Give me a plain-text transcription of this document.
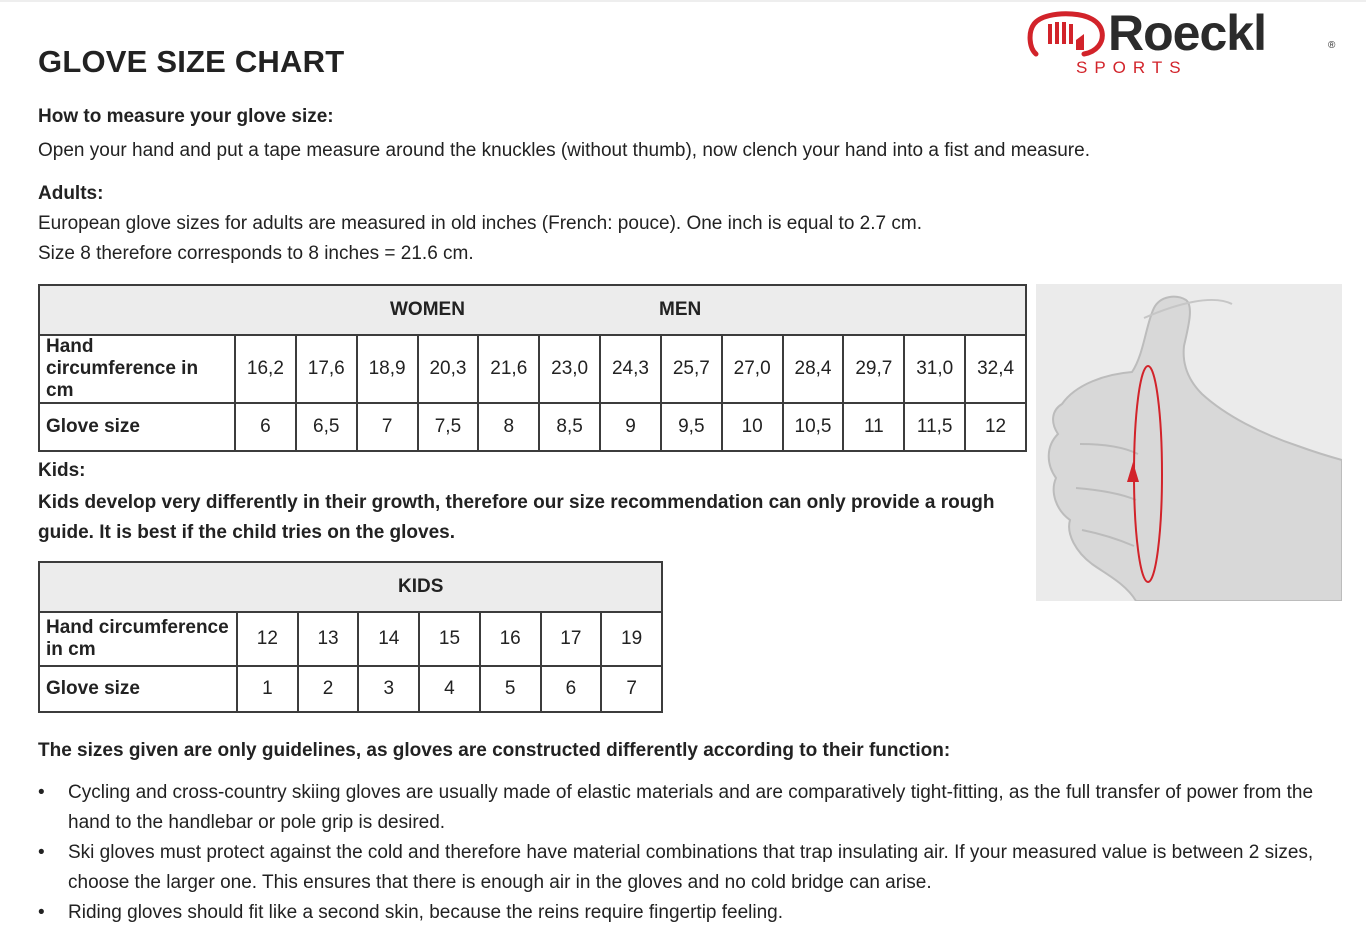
GLOVE SIZE CHART
Roeckl	®
SPORTS
How to measure your glove size:
Open your hand and put a tape measure around the knuckles (without thumb), now clench your hand into a fist and measure.
Adults:
European glove sizes for adults are measured in old inches (French: pouce). One inch is equal to 2.7 cm.
Size 8 therefore corresponds to 8 inches = 21.6 cm.
WOMEN MEN													

Hand circumference in cm	16,2	17,6	18,9	20,3	21,6	23,0	24,3	25,7	27,0	28,4	29,7	31,0	32,4
Glove size	6	6,5	7	7,5	8	8,5	9	9,5	10	10,5	11	11,5	12
Kids:
Kids develop very differently in their growth, therefore our size recommendation can only provide a rough guide. It is best if the child tries on the gloves.
KIDS							

Hand circumference in cm	12	13	14	15	16	17	19
Glove size	1	2	3	4	5	6	7
The sizes given are only guidelines, as gloves are constructed differently according to their function:
• Cycling and cross-country skiing gloves are usually made of elastic materials and are comparatively tight-fitting, as the full transfer of power from the hand to the handlebar or pole grip is desired.
• Ski gloves must protect against the cold and therefore have material combinations that trap insulating air. If your measured value is between 2 sizes, choose the larger one. This ensures that there is enough air in the gloves and no cold bridge can arise.
• Riding gloves should fit like a second skin, because the reins require fingertip feeling.
